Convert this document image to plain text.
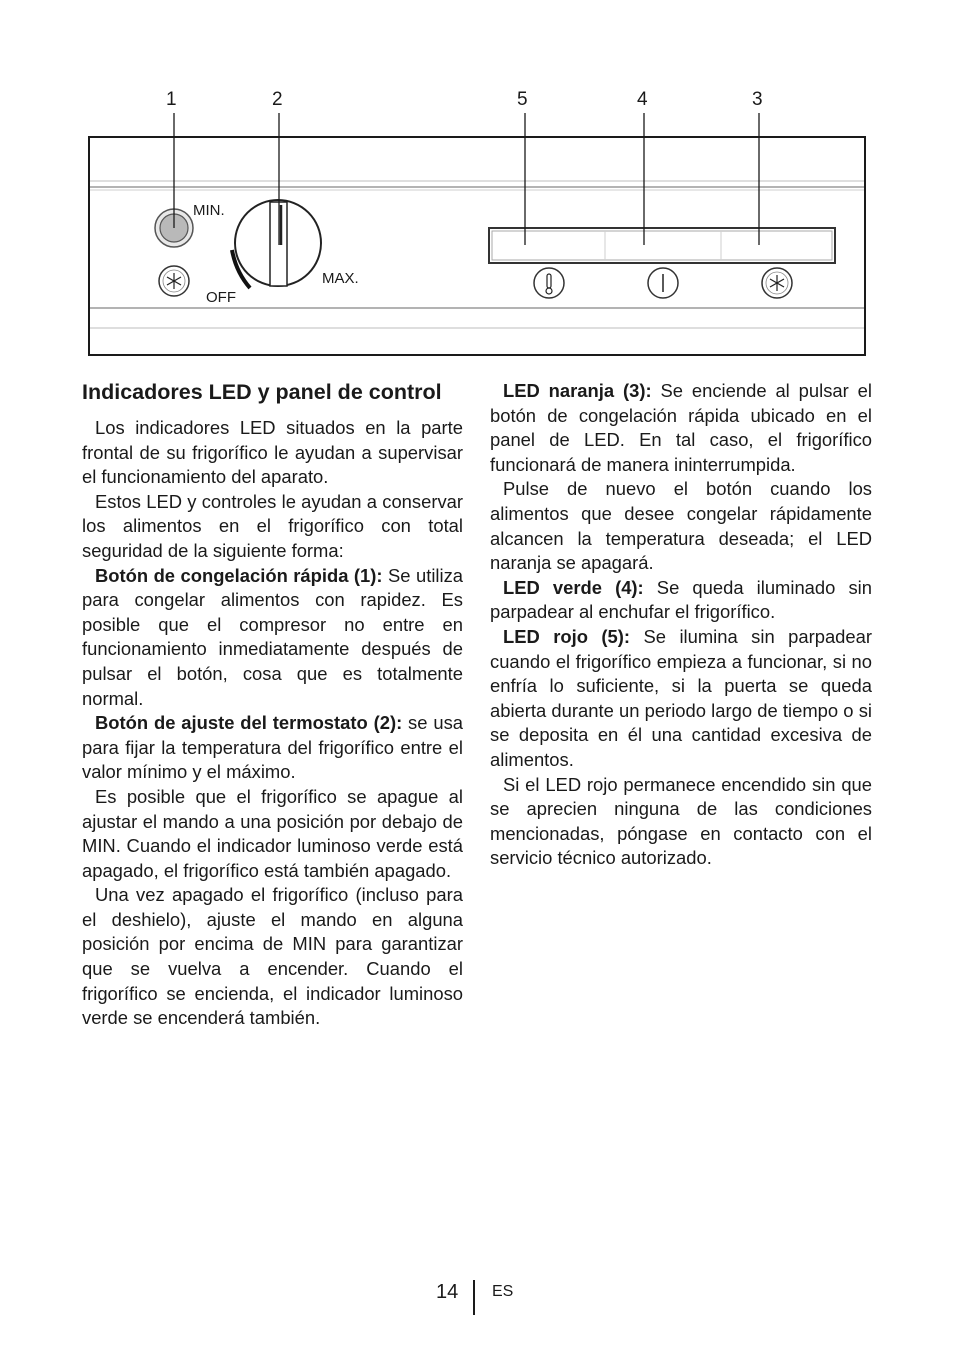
1	2	5	4	3
MIN.
MAX.
OFF
Indicadores LED y panel de control

Los indicadores LED situados en la parte frontal de su frigorífico le ayudan a supervisar el funcionamiento del aparato.

Estos LED y controles le ayudan a conservar los alimentos en el frigorífico con total seguridad de la siguiente forma:

Botón de congelación rápida (1): Se utiliza para congelar alimentos con rapidez. Es posible que el compresor no entre en funcionamiento inmediatamente después de pulsar el botón, cosa que es totalmente normal.

Botón de ajuste del termostato (2): se usa para fijar la temperatura del frigorífico entre el valor mínimo y el máximo.

Es posible que el frigorífico se apague al ajustar el mando a una posición por debajo de MIN. Cuando el indicador luminoso verde está apagado, el frigorífico está también apagado.

Una vez apagado el frigorífico (incluso para el deshielo), ajuste el mando en alguna posición por encima de MIN para garantizar que se vuelva a encender. Cuando el frigorífico se encienda, el indicador luminoso verde se encenderá también.

LED naranja (3): Se enciende al pulsar el botón de congelación rápida ubicado en el panel de LED. En tal caso, el frigorífico funcionará de manera ininterrumpida.

Pulse de nuevo el botón cuando los alimentos que desee congelar rápidamente alcancen la temperatura deseada; el LED naranja se apagará.

LED verde (4): Se queda iluminado sin parpadear al enchufar el frigorífico.

LED rojo (5): Se ilumina sin parpadear cuando el frigorífico empieza a funcionar, si no enfría lo suficiente, si la puerta se queda abierta durante un periodo largo de tiempo o si se deposita en él una cantidad excesiva de alimentos.

Si el LED rojo permanece encendido sin que se aprecien ninguna de las condiciones mencionadas, póngase en contacto con el servicio técnico autorizado.

14 ES
